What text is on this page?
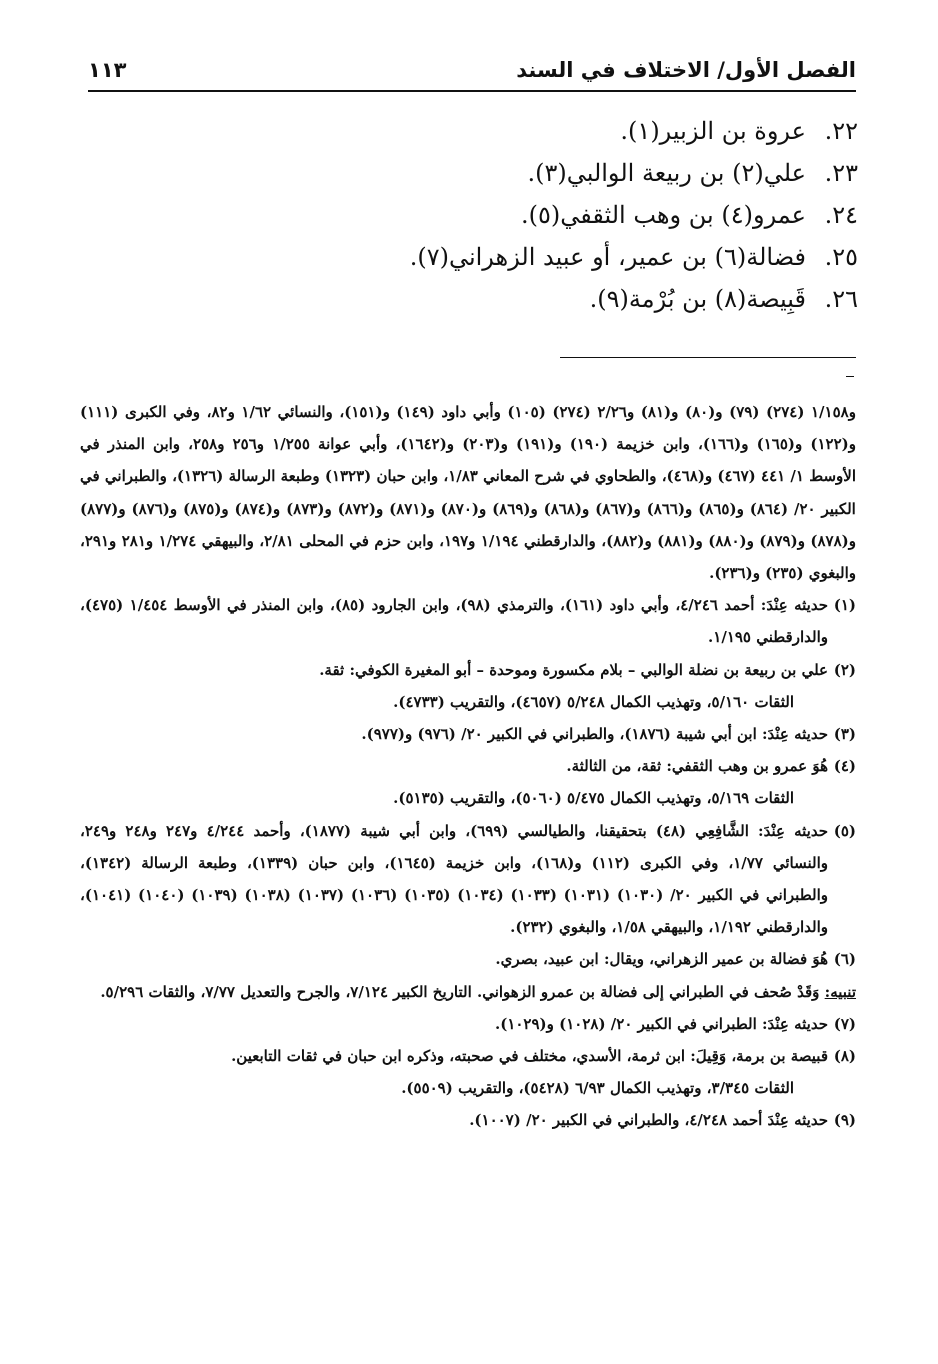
الفصل الأول/ الاختلاف في السند
١١٣
٢٢ .عروة بن الزبير(١).
٢٣ .علي(٢) بن ربيعة الوالبي(٣).
٢٤ .عمرو(٤) بن وهب الثقفي(٥).
٢٥ .فضالة(٦) بن عمير، أو عبيد الزهراني(٧).
٢٦ .قَبِيصة(٨) بن بُرْمة(٩).
و١/١٥٨ (٢٧٤) (٧٩) و(٨٠) و(٨١) و٢/٢٦ (٢٧٤) (١٠٥) وأبي داود (١٤٩) و(١٥١)، والنسائي ١/٦٢ و٨٢، وفي الكبرى (١١١) و(١٢٢) و(١٦٥) و(١٦٦)، وابن خزيمة (١٩٠) و(١٩١) و(٢٠٣) و(١٦٤٢)، وأبي عوانة ١/٢٥٥ و٢٥٦ و٢٥٨، وابن المنذر في الأوسط ١/ ٤٤١ (٤٦٧) و(٤٦٨)، والطحاوي في شرح المعاني ١/٨٣، وابن حبان (١٣٢٣) وطبعة الرسالة (١٣٢٦)، والطبراني في الكبير ٢٠/ (٨٦٤) و(٨٦٥) و(٨٦٦) و(٨٦٧) و(٨٦٨) و(٨٦٩) و(٨٧٠) و(٨٧١) و(٨٧٢) و(٨٧٣) و(٨٧٤) و(٨٧٥) و(٨٧٦) و(٨٧٧) و(٨٧٨) و(٨٧٩) و(٨٨٠) و(٨٨١) و(٨٨٢)، والدارقطني ١/١٩٤ و١٩٧، وابن حزم في المحلى ٢/٨١، والبيهقي ١/٢٧٤ و٢٨١ و٢٩١، والبغوي (٢٣٥) و(٢٣٦).
(١)
حديثه عِنْدَ: أحمد ٤/٢٤٦، وأبي داود (١٦١)، والترمذي (٩٨)، وابن الجارود (٨٥)، وابن المنذر في الأوسط ١/٤٥٤ (٤٧٥)، والدارقطني ١/١٩٥.
(٢)
علي بن ربيعة بن نضلة الوالبي – بلام مكسورة وموحدة – أبو المغيرة الكوفي: ثقة.
الثقات ٥/١٦٠، وتهذيب الكمال ٥/٢٤٨ (٤٦٥٧)، والتقريب (٤٧٣٣).
(٣)
حديثه عِنْدَ: ابن أبي شيبة (١٨٧٦)، والطبراني في الكبير ٢٠/ (٩٧٦) و(٩٧٧).
(٤)
هُوَ عمرو بن وهب الثقفي: ثقة، من الثالثة.
الثقات ٥/١٦٩، وتهذيب الكمال ٥/٤٧٥ (٥٠٦٠)، والتقريب (٥١٣٥).
(٥)
حديثه عِنْدَ: الشَّافِعِي (٤٨) بتحقيقنا، والطيالسي (٦٩٩)، وابن أبي شيبة (١٨٧٧)، وأحمد ٤/٢٤٤ و٢٤٧ و٢٤٨ و٢٤٩، والنسائي ١/٧٧، وفي الكبرى (١١٢) و(١٦٨)، وابن خزيمة (١٦٤٥)، وابن حبان (١٣٣٩)، وطبعة الرسالة (١٣٤٢)، والطبراني في الكبير ٢٠/ (١٠٣٠) (١٠٣١) (١٠٣٣) (١٠٣٤) (١٠٣٥) (١٠٣٦) (١٠٣٧) (١٠٣٨) (١٠٣٩) (١٠٤٠) (١٠٤١)، والدارقطني ١/١٩٢، والبيهقي ١/٥٨، والبغوي (٢٣٢).
(٦)
هُوَ فضالة بن عمير الزهراني، ويقال: ابن عبيد، بصري.
تنبيه: وَقَدْ صُحف في الطبراني إلى فضالة بن عمرو الزهواني. التاريخ الكبير ٧/١٢٤، والجرح والتعديل ٧/٧٧، والثقات ٥/٢٩٦.
(٧)
حديثه عِنْدَ: الطبراني في الكبير ٢٠/ (١٠٢٨) و(١٠٢٩).
(٨)
قبيصة بن برمة، وَقِيلَ: ابن ثرمة، الأسدي، مختلف في صحبته، وذكره ابن حبان في ثقات التابعين.
الثقات ٣/٣٤٥، وتهذيب الكمال ٦/٩٣ (٥٤٢٨)، والتقريب (٥٥٠٩).
(٩)
حديثه عِنْدَ أحمد ٤/٢٤٨، والطبراني في الكبير ٢٠/ (١٠٠٧).
